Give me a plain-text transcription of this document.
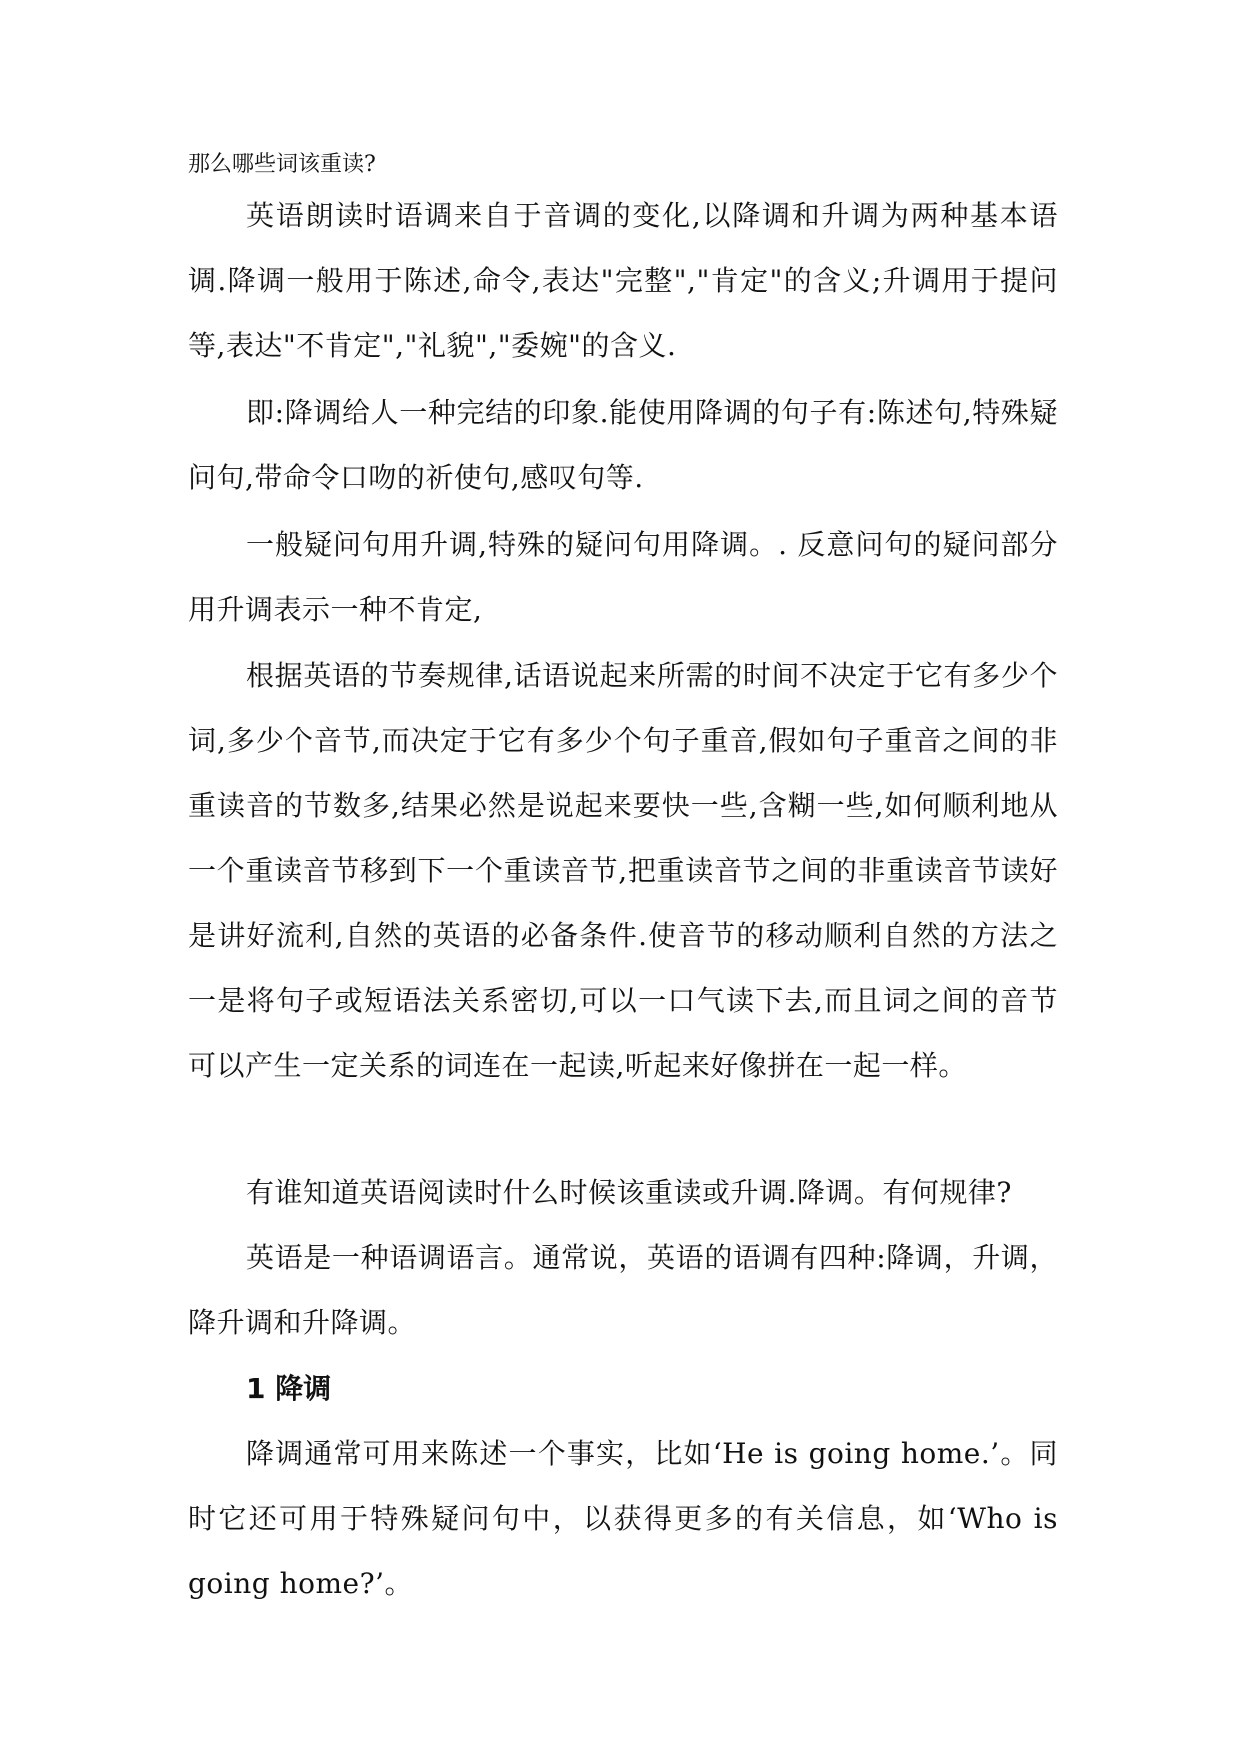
那么哪些词该重读?

英语朗读时语调来自于音调的变化,以降调和升调为两种基本语调.降调一般用于陈述,命令,表达"完整","肯定"的含义;升调用于提问等,表达"不肯定","礼貌","委婉"的含义.

即:降调给人一种完结的印象.能使用降调的句子有:陈述句,特殊疑问句,带命令口吻的祈使句,感叹句等.

一般疑问句用升调,特殊的疑问句用降调。. 反意问句的疑问部分用升调表示一种不肯定,

根据英语的节奏规律,话语说起来所需的时间不决定于它有多少个词,多少个音节,而决定于它有多少个句子重音,假如句子重音之间的非重读音的节数多,结果必然是说起来要快一些,含糊一些,如何顺利地从一个重读音节移到下一个重读音节,把重读音节之间的非重读音节读好是讲好流利,自然的英语的必备条件.使音节的移动顺利自然的方法之一是将句子或短语法关系密切,可以一口气读下去,而且词之间的音节可以产生一定关系的词连在一起读,听起来好像拼在一起一样。

有谁知道英语阅读时什么时候该重读或升调.降调。有何规律?

英语是一种语调语言。通常说，英语的语调有四种:降调，升调，降升调和升降调。

1 降调

降调通常可用来陈述一个事实，比如‘He is going home.’。同时它还可用于特殊疑问句中，以获得更多的有关信息，如‘Who is going home?’。
